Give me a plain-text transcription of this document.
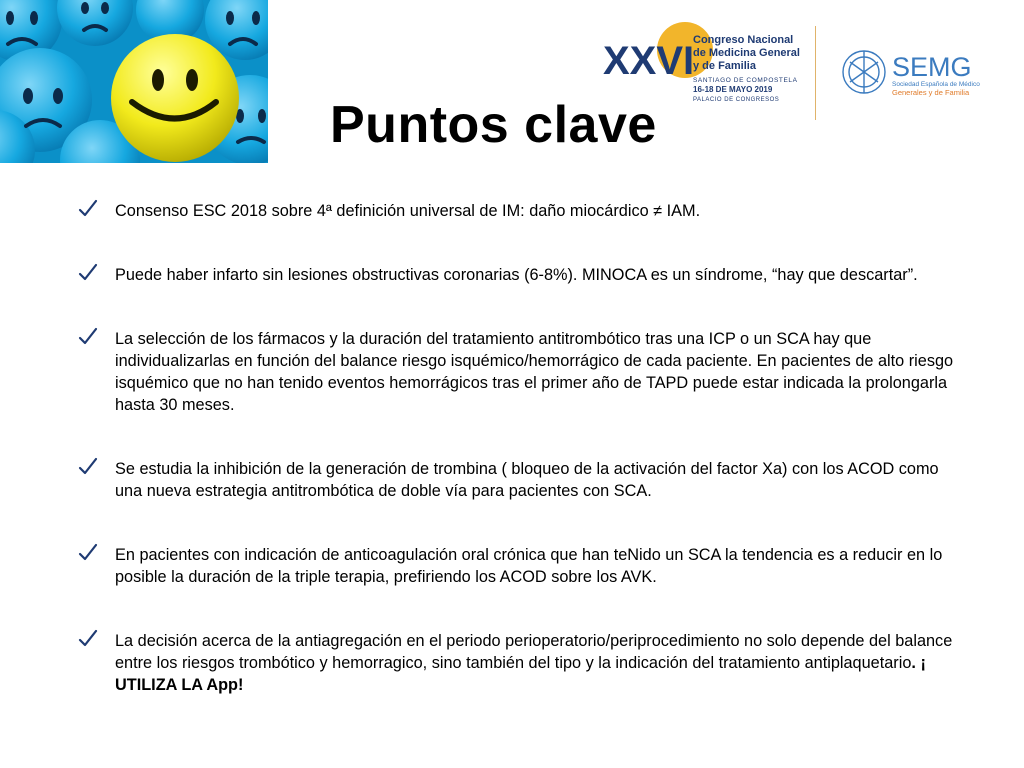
XXVI
Congreso Nacional
de Medicina General
y de Familia
SANTIAGO DE COMPOSTELA
16-18 DE MAYO 2019
PALACIO DE CONGRESOS
SEMG
Sociedad Española de Médicos
Generales y de Familia
Puntos clave
Consenso ESC 2018 sobre 4ª definición universal de IM: daño miocárdico ≠ IAM.
Puede haber infarto sin lesiones obstructivas coronarias (6-8%). MINOCA es un síndrome, “hay que descartar”.
La selección de los fármacos y la duración del tratamiento antitrombótico tras una ICP o un SCA hay que individualizarlas en función del balance riesgo isquémico/hemorrágico de cada paciente. En pacientes de alto riesgo isquémico que no han tenido eventos hemorrágicos tras el primer año de TAPD puede estar indicada la prolongarla hasta 30 meses.
Se estudia la inhibición de la generación de trombina ( bloqueo de la activación del factor Xa) con los ACOD como una nueva estrategia antitrombótica de doble vía para pacientes con SCA.
En pacientes con indicación de anticoagulación oral crónica que han teNido un SCA la tendencia es a reducir en lo posible la duración de la triple terapia, prefiriendo los ACOD sobre los AVK.
La decisión acerca de la antiagregación en el periodo perioperatorio/periprocedimiento no solo depende del balance entre los riesgos trombótico y hemorragico, sino también del tipo y la indicación del tratamiento antiplaquetario. ¡ UTILIZA LA App!
